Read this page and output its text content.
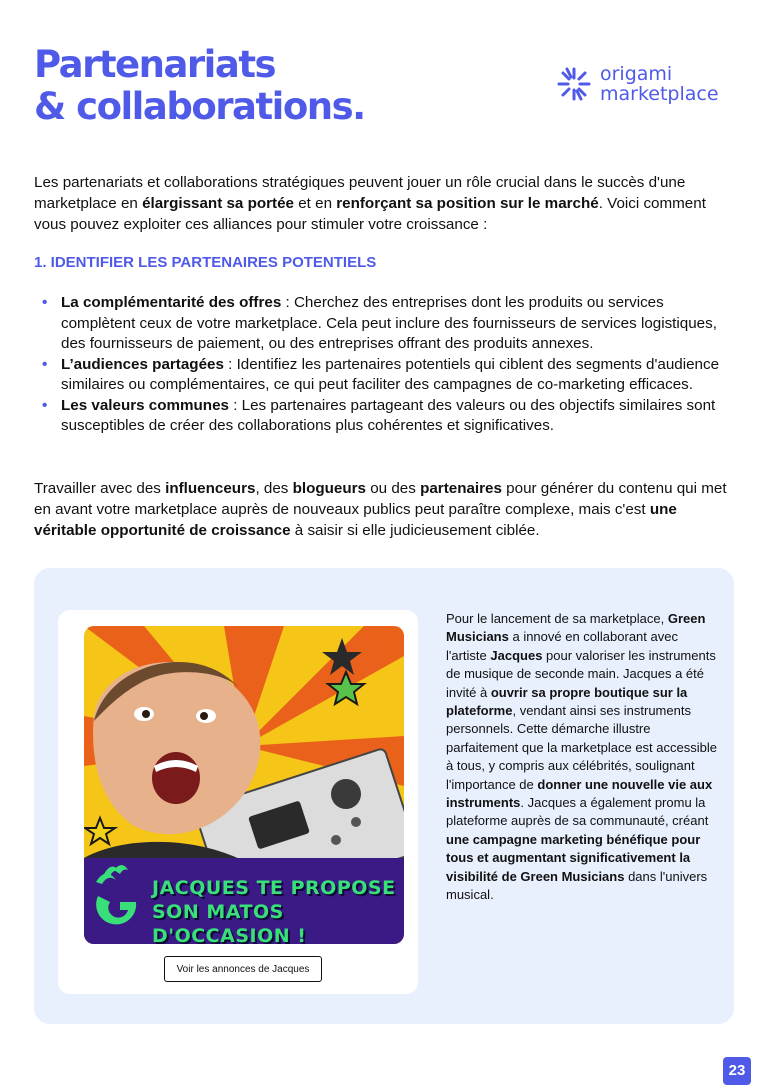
Partenariats
& collaborations.
origami
marketplace

Les partenariats et collaborations stratégiques peuvent jouer un rôle crucial dans le succès d'une marketplace en élargissant sa portée et en renforçant sa position sur le marché. Voici comment vous pouvez exploiter ces alliances pour stimuler votre croissance :

1. IDENTIFIER LES PARTENAIRES POTENTIELS
• La complémentarité des offres : Cherchez des entreprises dont les produits ou services complètent ceux de votre marketplace. Cela peut inclure des fournisseurs de services logistiques, des fournisseurs de paiement, ou des entreprises offrant des produits annexes.
• L’audiences partagées : Identifiez les partenaires potentiels qui ciblent des segments d'audience similaires ou complémentaires, ce qui peut faciliter des campagnes de co-marketing efficaces.
• Les valeurs communes : Les partenaires partageant des valeurs ou des objectifs similaires sont susceptibles de créer des collaborations plus cohérentes et significatives.

Travailler avec des influenceurs, des blogueurs ou des partenaires pour générer du contenu qui met en avant votre marketplace auprès de nouveaux publics peut paraître complexe, mais c'est une véritable opportunité de croissance à saisir si elle judicieusement ciblée.

JACQUES TE PROPOSE
SON MATOS D'OCCASION !
Voir les annonces de Jacques

Pour le lancement de sa marketplace, Green Musicians a innové en collaborant avec l'artiste Jacques pour valoriser les instruments de musique de seconde main. Jacques a été invité à ouvrir sa propre boutique sur la plateforme, vendant ainsi ses instruments personnels. Cette démarche illustre parfaitement que la marketplace est accessible à tous, y compris aux célébrités, soulignant l'importance de donner une nouvelle vie aux instruments. Jacques a également promu la plateforme auprès de sa communauté, créant une campagne marketing bénéfique pour tous et augmentant significativement la visibilité de Green Musicians dans l'univers musical.

23
